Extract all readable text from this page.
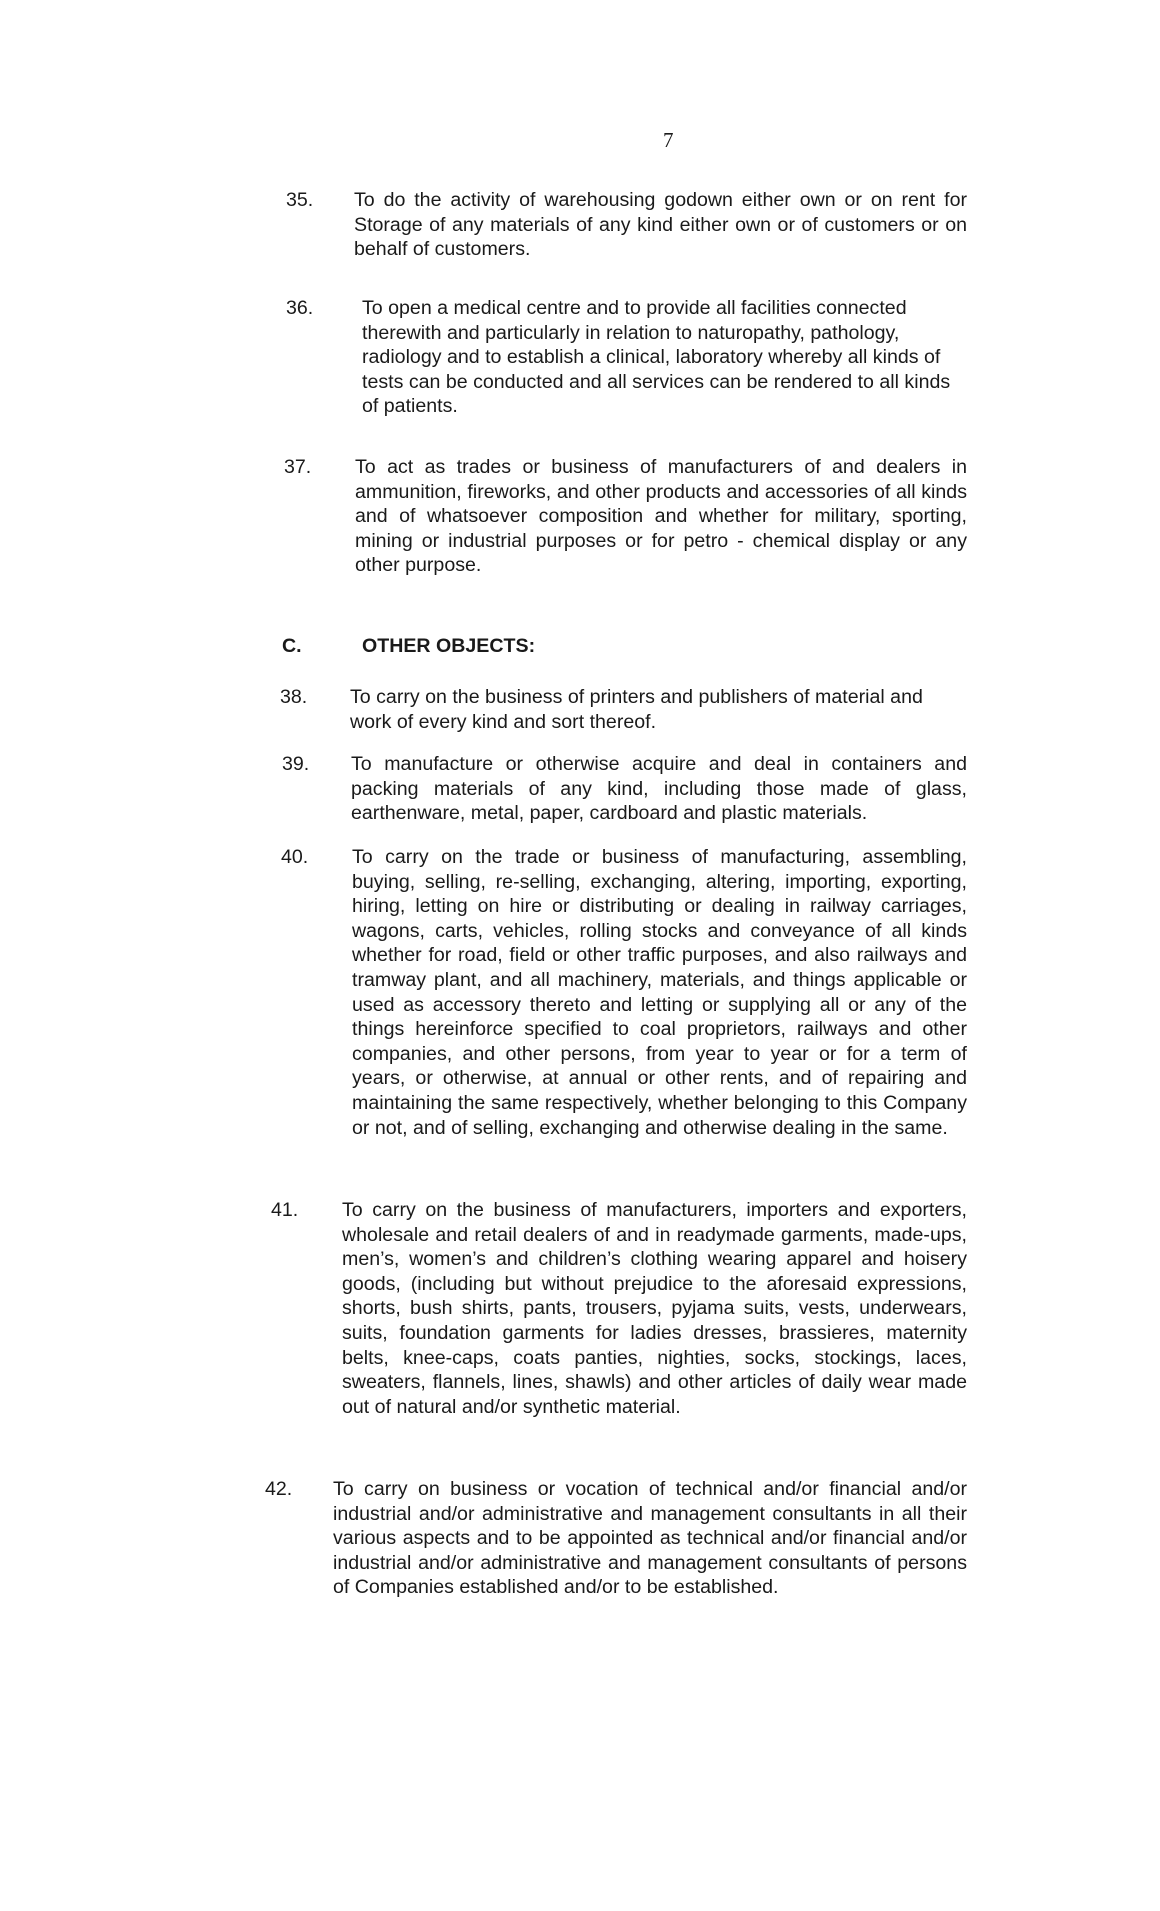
7
35. To do the activity of warehousing godown either own or on rent for Storage of any materials of any kind either own or of customers or on behalf of customers.
36. To open a medical centre and to provide all facilities connected therewith and particularly in relation to naturopathy, pathology, radiology and to establish a clinical, laboratory whereby all kinds of tests can be conducted and all services can be rendered to all kinds of patients.
37. To act as trades or business of manufacturers of and dealers in ammunition, fireworks, and other products and accessories of all kinds and of whatsoever composition and whether for military, sporting, mining or industrial purposes or for petro - chemical display or any other purpose.
C.	OTHER OBJECTS:
38. To carry on the business of printers and publishers of material and work of every kind and sort thereof.
39. To manufacture or otherwise acquire and deal in containers and packing materials of any kind, including those made of glass, earthenware, metal, paper, cardboard and plastic materials.
40. To carry on the trade or business of manufacturing, assembling, buying, selling, re-selling, exchanging, altering, importing, exporting, hiring, letting on hire or distributing or dealing in railway carriages, wagons, carts, vehicles, rolling stocks and conveyance of all kinds whether for road, field or other traffic purposes, and also railways and tramway plant, and all machinery, materials, and things applicable or used as accessory thereto and letting or supplying all or any of the things hereinforce specified to coal proprietors, railways and other companies, and other persons, from year to year or for a term of years, or otherwise, at annual or other rents, and of repairing and maintaining the same respectively, whether belonging to this Company or not, and of selling, exchanging and otherwise dealing in the same.
41. To carry on the business of manufacturers, importers and exporters, wholesale and retail dealers of and in readymade garments, made-ups, men’s, women’s and children’s clothing wearing apparel and hoisery goods, (including but without prejudice to the aforesaid expressions, shorts, bush shirts, pants, trousers, pyjama suits, vests, underwears, suits, foundation garments for ladies dresses, brassieres, maternity belts, knee-caps, coats panties, nighties, socks, stockings, laces, sweaters, flannels, lines, shawls) and other articles of daily wear made out of natural and/or synthetic material.
42. To carry on business or vocation of technical and/or financial and/or industrial and/or administrative and management consultants in all their various aspects and to be appointed as technical and/or financial and/or industrial and/or administrative and management consultants of persons of Companies established and/or to be established.
